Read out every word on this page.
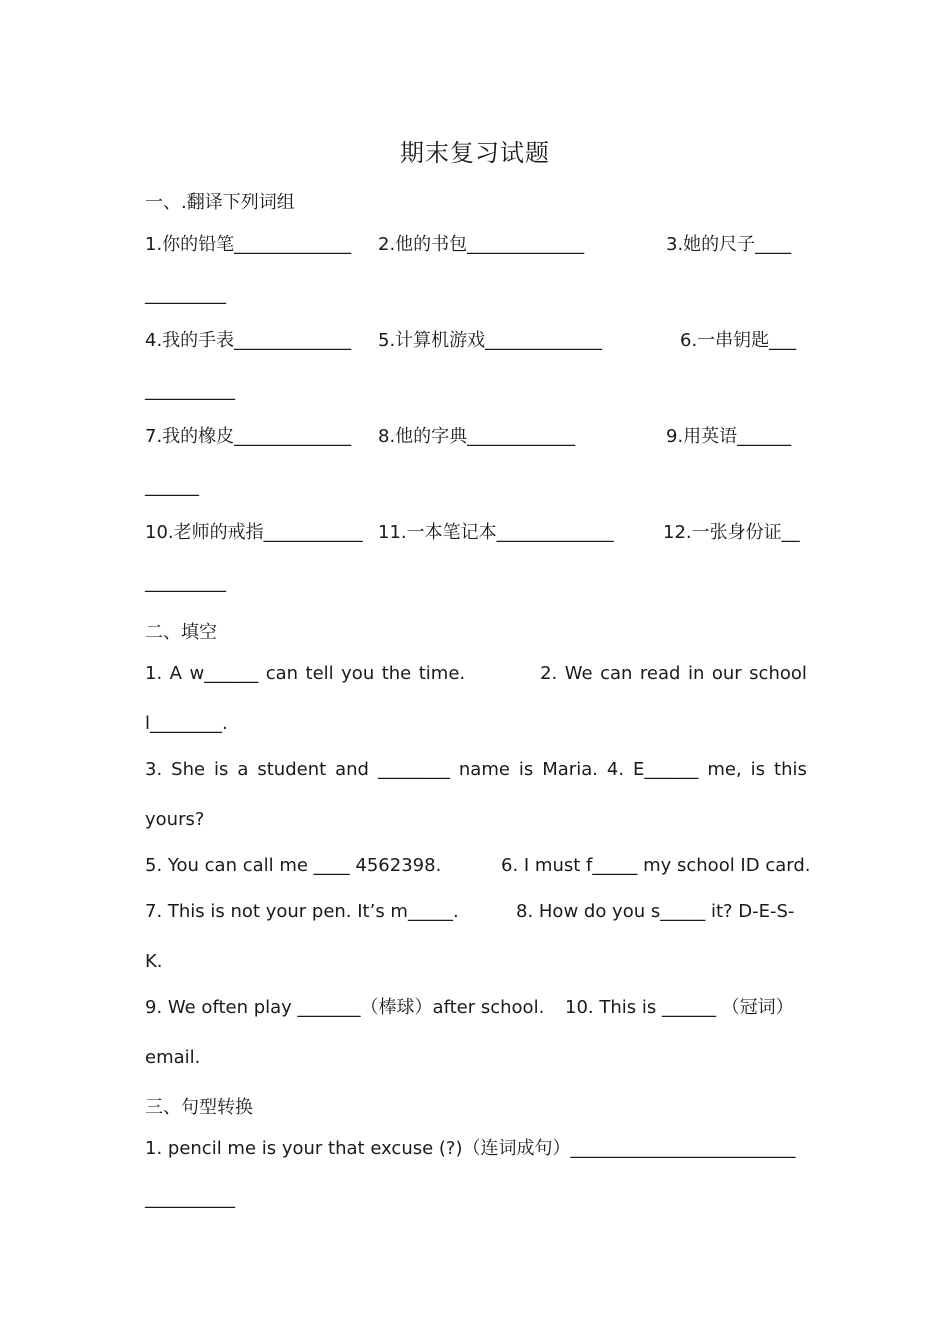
期末复习试题
一、.翻译下列词组
1.你的铅笔_____________ 2.他的书包_____________	3.她的尺子____
_________
4.我的手表_____________ 5.计算机游戏_____________	6.一串钥匙___
__________
7.我的橡皮_____________ 8.他的字典____________	9.用英语______
______
10.老师的戒指___________ 11.一本笔记本_____________	12.一张身份证__
_________
二、填空
1. A w______ can tell you the time.	2. We can read in our school
l________.
3. She is a student and ________ name is Maria. 4. E______ me, is this
yours?
5. You can call me ____ 4562398.	6. I must f_____ my school ID card.
7. This is not your pen. It’s m_____.	8. How do you s_____ it? D-E-S-
K.
9. We often play _______（棒球）after school. 10. This is ______ （冠词）
email.
三、句型转换
1. pencil me is your that excuse (?)（连词成句）_________________________
__________
